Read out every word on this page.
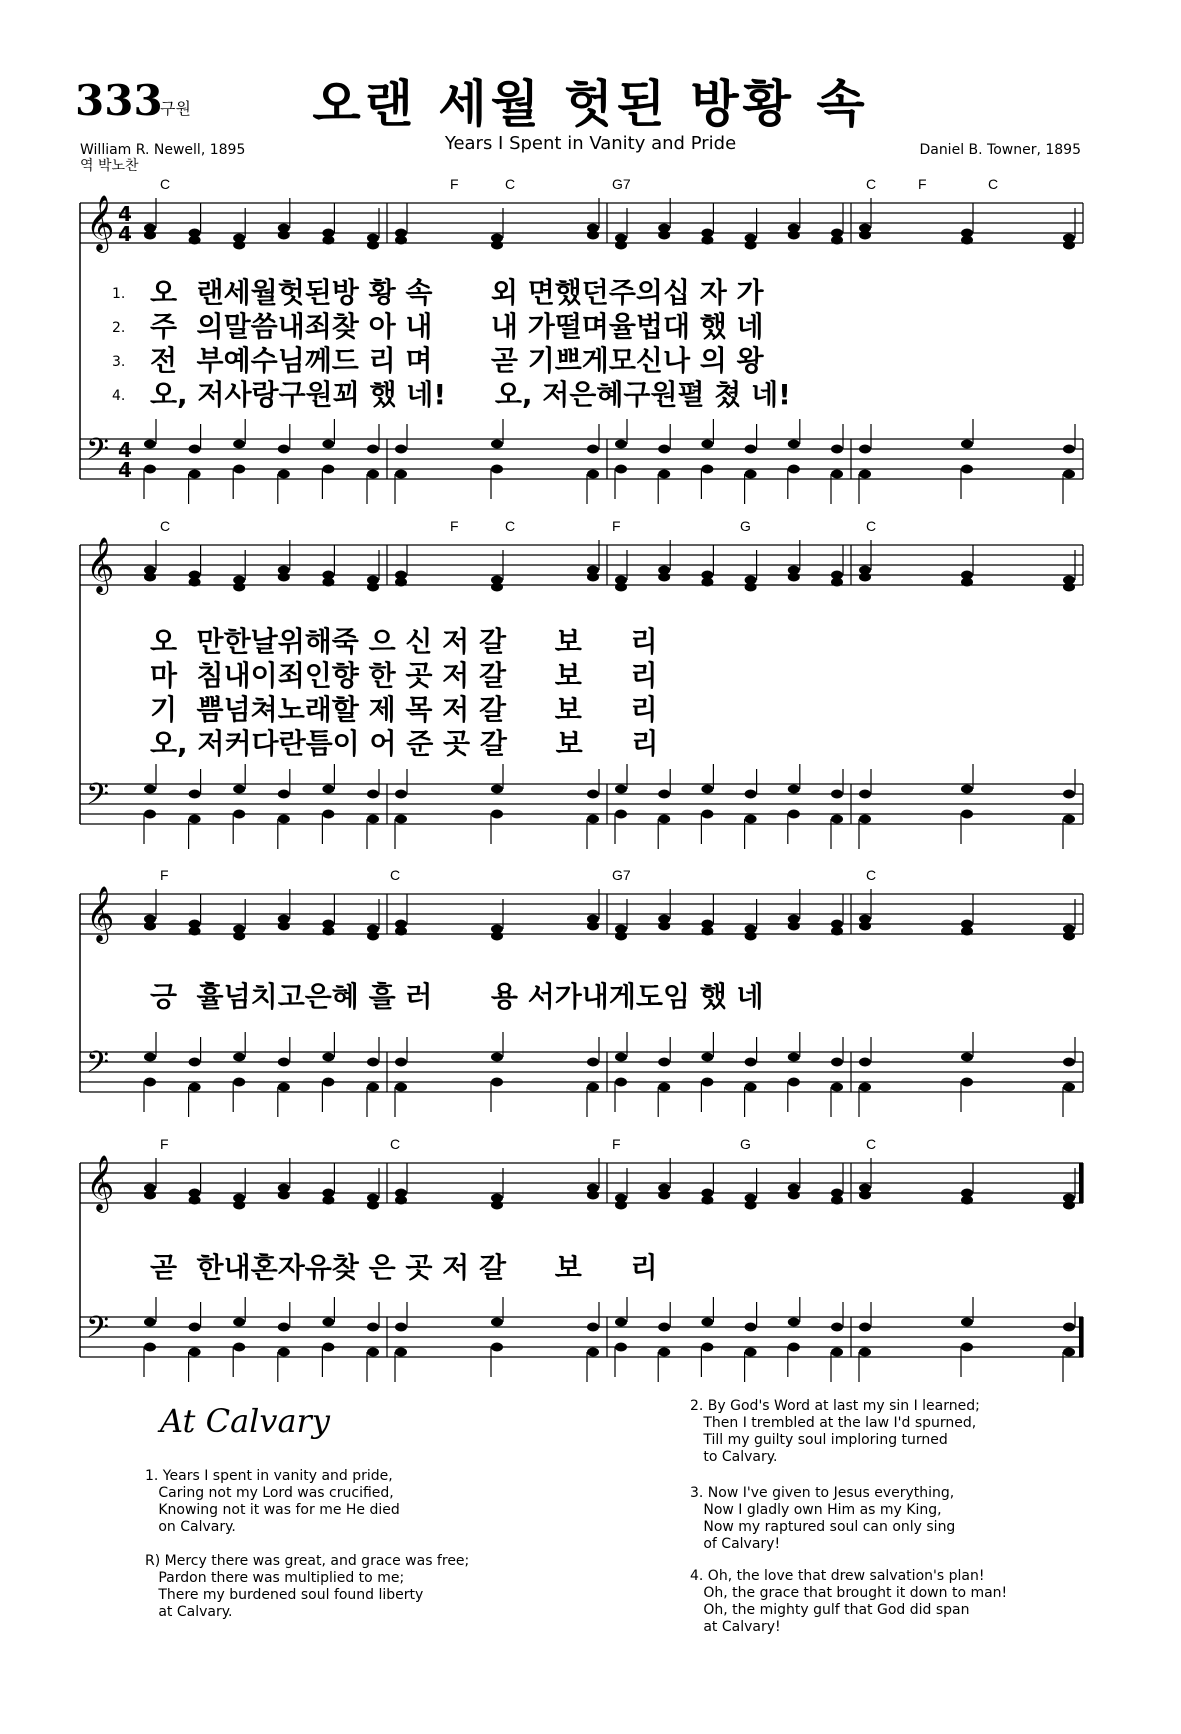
333
구원	오랜 세월 헛된 방황 속
Years I Spent in Vanity and Pride
William R. Newell, 1895
역 박노찬
Daniel B. Towner, 1895
𝄞
𝄢
4
4
4
4
C	F	C	G7	C	F	C
𝄞
𝄢
C	F	C	F	G	C
𝄞
𝄢
F	C	G7	C
𝄞
𝄢
F	C	F	G	C
1.
2.
3.
4.
오  랜세월헛된방 황 속      외 면했던주의십 자 가
주  의말씀내죄찾 아 내      내 가떨며율법대 했 네
전  부예수님께드 리 며      곧 기쁘게모신나 의 왕
오, 저사랑구원꾀 했 네!     오, 저은혜구원펼 쳤 네!
오  만한날위해죽 으 신 저 갈     보     리
마  침내이죄인향 한 곳 저 갈     보     리
기  쁨넘쳐노래할 제 목 저 갈     보     리
오, 저커다란틈이 어 준 곳 갈     보     리
긍  휼넘치고은혜 흘 러      용 서가내게도임 했 네
곧  한내혼자유찾 은 곳 저 갈     보     리
At Calvary
1. Years I spent in vanity and pride,
Caring not my Lord was crucified,
Knowing not it was for me He died
on Calvary.
R) Mercy there was great, and grace was free;
Pardon there was multiplied to me;
There my burdened soul found liberty
at Calvary.
2. By God's Word at last my sin I learned;
Then I trembled at the law I'd spurned,
Till my guilty soul imploring turned
to Calvary.
3. Now I've given to Jesus everything,
Now I gladly own Him as my King,
Now my raptured soul can only sing
of Calvary!
4. Oh, the love that drew salvation's plan!
Oh, the grace that brought it down to man!
Oh, the mighty gulf that God did span
at Calvary!
